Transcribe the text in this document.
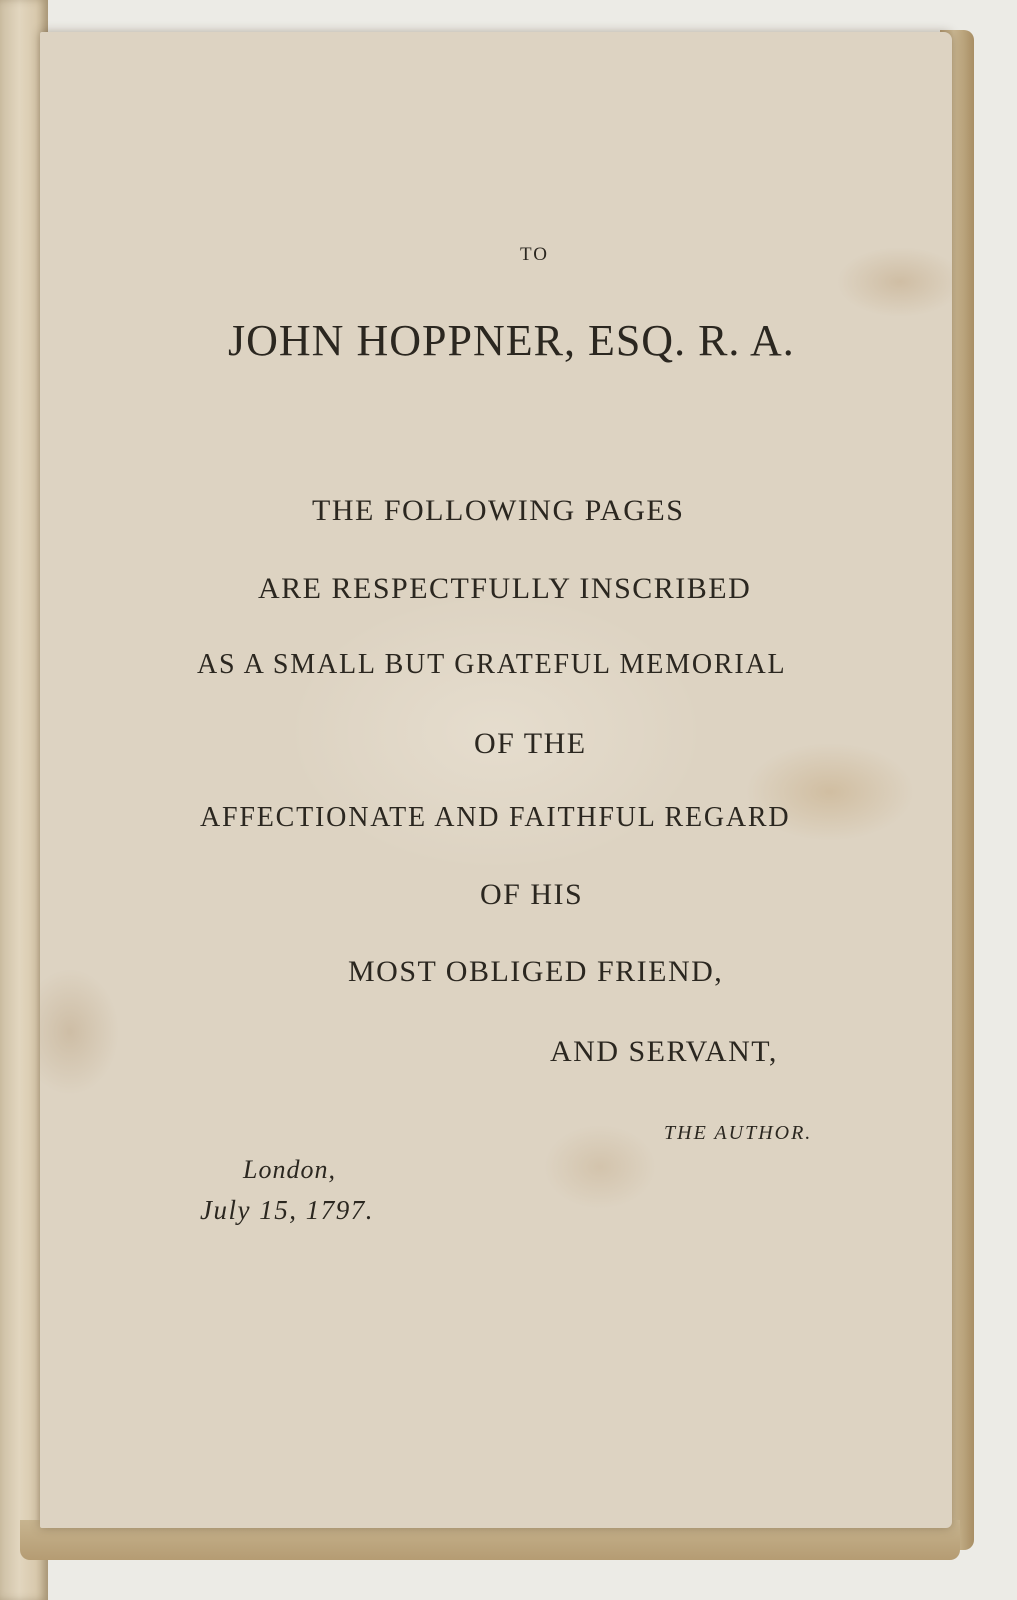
TO
JOHN HOPPNER, ESQ. R. A.
THE FOLLOWING PAGES
ARE RESPECTFULLY INSCRIBED
AS A SMALL BUT GRATEFUL MEMORIAL
OF THE
AFFECTIONATE AND FAITHFUL REGARD
OF HIS
MOST OBLIGED FRIEND,
AND SERVANT,
THE AUTHOR.
London,
July 15, 1797.
